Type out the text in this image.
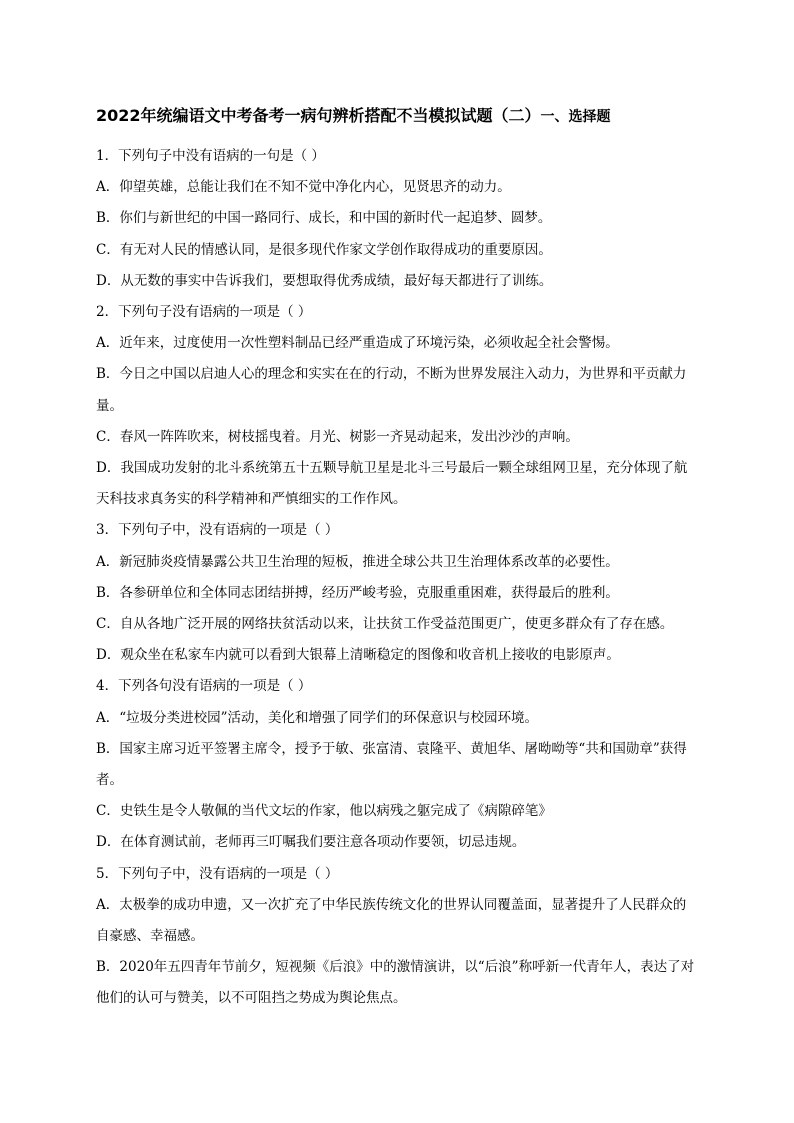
2022年统编语文中考备考一病句辨析搭配不当模拟试题（二）一、选择题

1．下列句子中没有语病的一句是（ ）

A．仰望英雄，总能让我们在不知不觉中净化内心，见贤思齐的动力。

B．你们与新世纪的中国一路同行、成长，和中国的新时代一起追梦、圆梦。

C．有无对人民的情感认同，是很多现代作家文学创作取得成功的重要原因。

D．从无数的事实中告诉我们，要想取得优秀成绩，最好每天都进行了训练。

2．下列句子没有语病的一项是（ ）

A．近年来，过度使用一次性塑料制品已经严重造成了环境污染，必须收起全社会警惕。

B．今日之中国以启迪人心的理念和实实在在的行动，不断为世界发展注入动力，为世界和平贡献力量。

C．春风一阵阵吹来，树枝摇曳着。月光、树影一齐晃动起来，发出沙沙的声响。

D．我国成功发射的北斗系统第五十五颗导航卫星是北斗三号最后一颗全球组网卫星，充分体现了航天科技求真务实的科学精神和严慎细实的工作作风。

3．下列句子中，没有语病的一项是（ ）

A．新冠肺炎疫情暴露公共卫生治理的短板，推进全球公共卫生治理体系改革的必要性。

B．各参研单位和全体同志团结拼搏，经历严峻考验，克服重重困难，获得最后的胜利。

C．自从各地广泛开展的网络扶贫活动以来，让扶贫工作受益范围更广，使更多群众有了存在感。

D．观众坐在私家车内就可以看到大银幕上清晰稳定的图像和收音机上接收的电影原声。

4．下列各句没有语病的一项是（ ）

A．“垃圾分类进校园”活动，美化和增强了同学们的环保意识与校园环境。

B．国家主席习近平签署主席令，授予于敏、张富清、袁隆平、黄旭华、屠呦呦等“共和国勋章”获得者。

C．史铁生是令人敬佩的当代文坛的作家，他以病残之躯完成了《病隙碎笔》

D．在体育测试前，老师再三叮嘱我们要注意各项动作要领，切忌违规。

5．下列句子中，没有语病的一项是（ ）

A．太极拳的成功申遗，又一次扩充了中华民族传统文化的世界认同覆盖面，显著提升了人民群众的自豪感、幸福感。

B．2020年五四青年节前夕，短视频《后浪》中的激情演讲，以“后浪”称呼新一代青年人，表达了对他们的认可与赞美，以不可阻挡之势成为舆论焦点。
